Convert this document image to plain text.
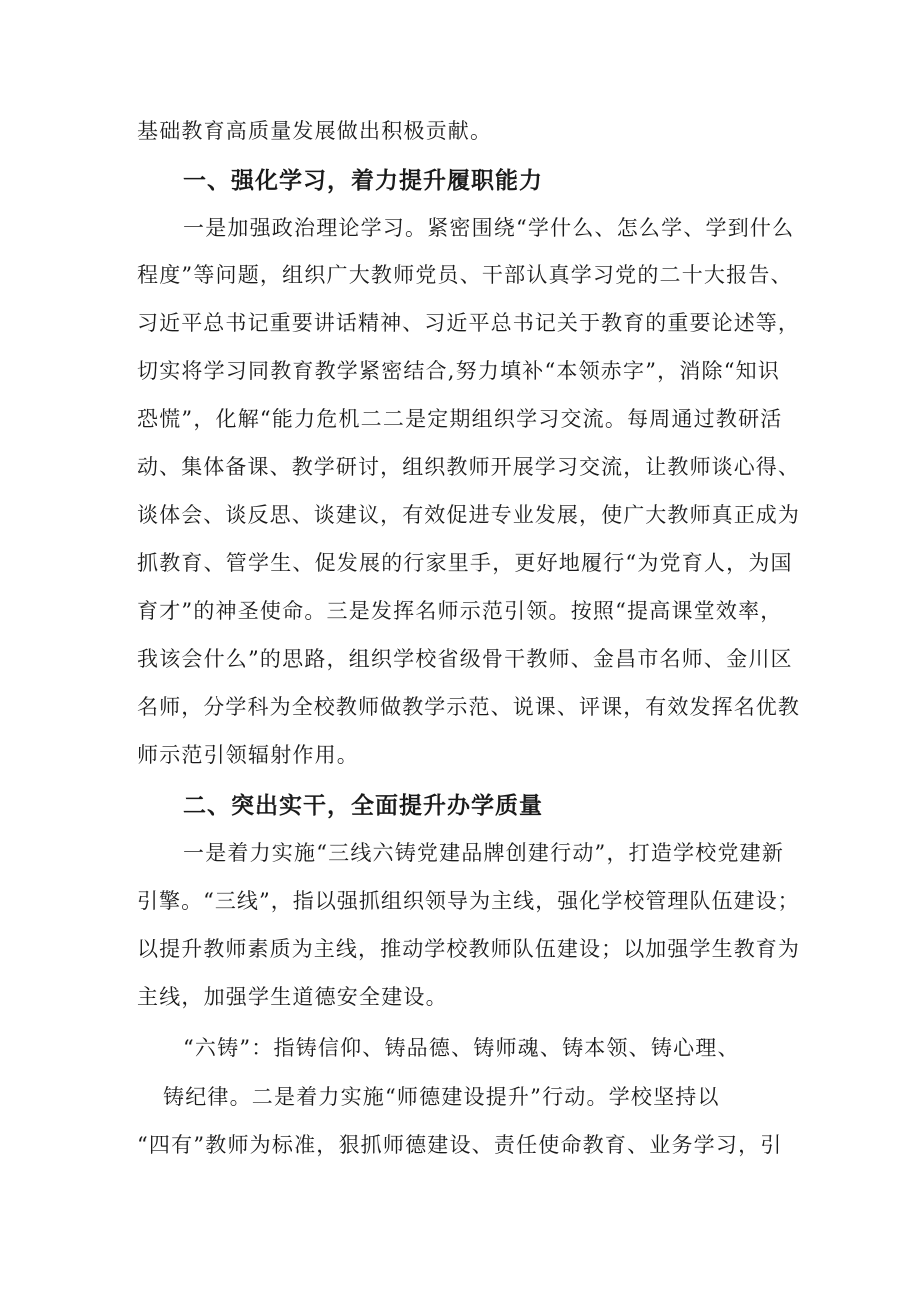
基础教育高质量发展做出积极贡献。
一、强化学习，着力提升履职能力
一是加强政治理论学习。紧密围绕“学什么、怎么学、学到什么
程度”等问题，组织广大教师党员、干部认真学习党的二十大报告、
习近平总书记重要讲话精神、习近平总书记关于教育的重要论述等，
切实将学习同教育教学紧密结合,努力填补“本领赤字”，消除“知识
恐慌”，化解“能力危机二二是定期组织学习交流。每周通过教研活
动、集体备课、教学研讨，组织教师开展学习交流，让教师谈心得、
谈体会、谈反思、谈建议，有效促进专业发展，使广大教师真正成为
抓教育、管学生、促发展的行家里手，更好地履行“为党育人，为国
育才”的神圣使命。三是发挥名师示范引领。按照“提高课堂效率，
我该会什么”的思路，组织学校省级骨干教师、金昌市名师、金川区
名师，分学科为全校教师做教学示范、说课、评课，有效发挥名优教
师示范引领辐射作用。
二、突出实干，全面提升办学质量
一是着力实施“三线六铸党建品牌创建行动”，打造学校党建新
引擎。“三线”，指以强抓组织领导为主线，强化学校管理队伍建设；
以提升教师素质为主线，推动学校教师队伍建设；以加强学生教育为
主线，加强学生道德安全建设。
“六铸”：指铸信仰、铸品德、铸师魂、铸本领、铸心理、
铸纪律。二是着力实施“师德建设提升”行动。学校坚持以
“四有”教师为标准，狠抓师德建设、责任使命教育、业务学习，引
